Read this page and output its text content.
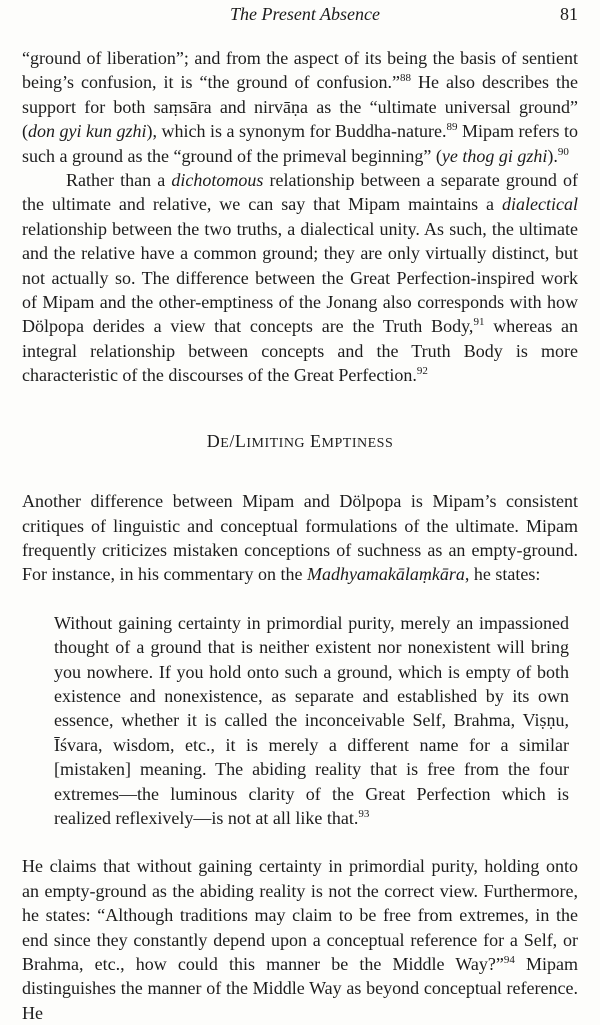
The Present Absence	81

“ground of liberation”; and from the aspect of its being the basis of sentient being’s confusion, it is “the ground of confusion.”$^{88}$ He also describes the support for both saṃsāra and nirvāṇa as the “ultimate universal ground” (don gyi kun gzhi), which is a synonym for Buddha-nature.$^{89}$ Mipam refers to such a ground as the “ground of the primeval beginning” (ye thog gi gzhi).$^{90}$

Rather than a dichotomous relationship between a separate ground of the ultimate and relative, we can say that Mipam maintains a dialectical relationship between the two truths, a dialectical unity. As such, the ultimate and the relative have a common ground; they are only virtually distinct, but not actually so. The difference between the Great Perfection-inspired work of Mipam and the other-emptiness of the Jonang also corresponds with how Dölpopa derides a view that concepts are the Truth Body,$^{91}$ whereas an integral relationship between concepts and the Truth Body is more characteristic of the discourses of the Great Perfection.$^{92}$

DE/LIMITING EMPTINESS

Another difference between Mipam and Dölpopa is Mipam’s consistent critiques of linguistic and conceptual formulations of the ultimate. Mipam frequently criticizes mistaken conceptions of suchness as an empty-ground. For instance, in his commentary on the Madhyamakālaṃkāra, he states:

Without gaining certainty in primordial purity, merely an impassioned thought of a ground that is neither existent nor nonexistent will bring you nowhere. If you hold onto such a ground, which is empty of both existence and nonexistence, as separate and established by its own essence, whether it is called the inconceivable Self, Brahma, Viṣṇu, Īśvara, wisdom, etc., it is merely a different name for a similar [mistaken] meaning. The abiding reality that is free from the four extremes—the luminous clarity of the Great Perfection which is realized reflexively—is not at all like that.$^{93}$

He claims that without gaining certainty in primordial purity, holding onto an empty-ground as the abiding reality is not the correct view. Furthermore, he states: “Although traditions may claim to be free from extremes, in the end since they constantly depend upon a conceptual reference for a Self, or Brahma, etc., how could this manner be the Middle Way?”$^{94}$ Mipam distinguishes the manner of the Middle Way as beyond conceptual reference. He
